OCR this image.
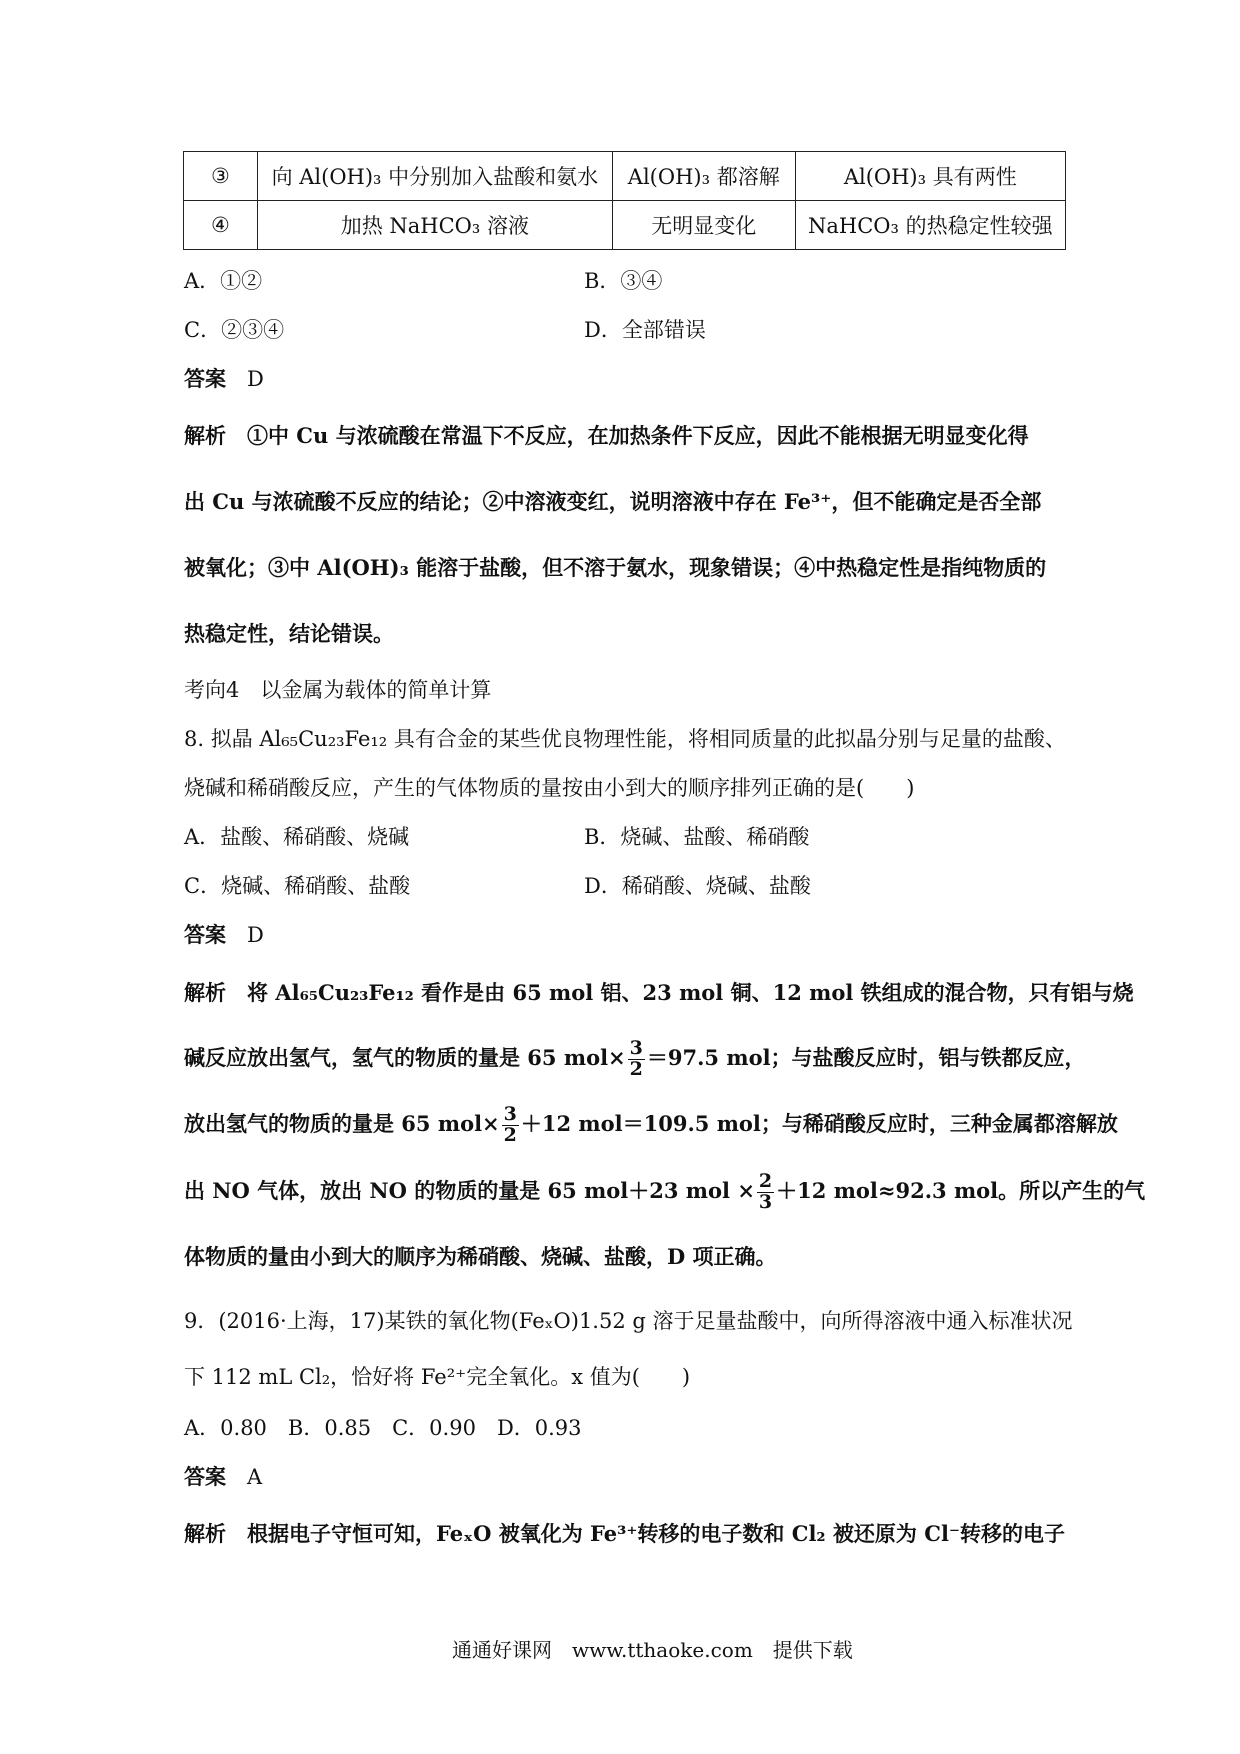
③	向 Al(OH)₃ 中分别加入盐酸和氨水	Al(OH)₃ 都溶解	Al(OH)₃ 具有两性
④	加热 NaHCO₃ 溶液	无明显变化	NaHCO₃ 的热稳定性较强
A．①②	B．③④
C．②③④	D．全部错误
答案　 D
解析　 ①中 Cu 与浓硫酸在常温下不反应，在加热条件下反应，因此不能根据无明显变化得
出 Cu 与浓硫酸不反应的结论；②中溶液变红，说明溶液中存在 Fe³⁺，但不能确定是否全部
被氧化；③中 Al(OH)₃ 能溶于盐酸，但不溶于氨水，现象错误；④中热稳定性是指纯物质的
热稳定性，结论错误。
考向4　以金属为载体的简单计算
8. 拟晶 Al₆₅Cu₂₃Fe₁₂ 具有合金的某些优良物理性能，将相同质量的此拟晶分别与足量的盐酸、
烧碱和稀硝酸反应，产生的气体物质的量按由小到大的顺序排列正确的是(　　)
A．盐酸、稀硝酸、烧碱	B．烧碱、盐酸、稀硝酸
C．烧碱、稀硝酸、盐酸	D．稀硝酸、烧碱、盐酸
答案　 D
解析　 将 Al₆₅Cu₂₃Fe₁₂ 看作是由 65 mol 铝、23 mol 铜、12 mol 铁组成的混合物，只有铝与烧
碱反应放出氢气，氢气的物质的量是 65 $mol\times \frac{3}{2} =97.5$ mol；与盐酸反应时，铝与铁都反应，
放出氢气的物质的量是 65 $mol\times \frac{3}{2} +12$ mol＝109.5 mol；与稀硝酸反应时，三种金属都溶解放
出 NO 气体，放出 NO 的物质的量是 65 mol＋23 mol × $\frac{2}{3} +12$ mol≈92.3 mol。所以产生的气
体物质的量由小到大的顺序为稀硝酸、烧碱、盐酸，D 项正确。
9．(2016·上海，17)某铁的氧化物(FeₓO)1.52 g 溶于足量盐酸中，向所得溶液中通入标准状况
下 112 mL Cl₂，恰好将 Fe²⁺完全氧化。x 值为(　　)
A．0.80　B．0.85　C．0.90　D．0.93
答案　 A
解析　 根据电子守恒可知，FeₓO 被氧化为 Fe³⁺转移的电子数和 Cl₂ 被还原为 Cl⁻转移的电子
通通好课网　www.tthaoke.com　提供下载
